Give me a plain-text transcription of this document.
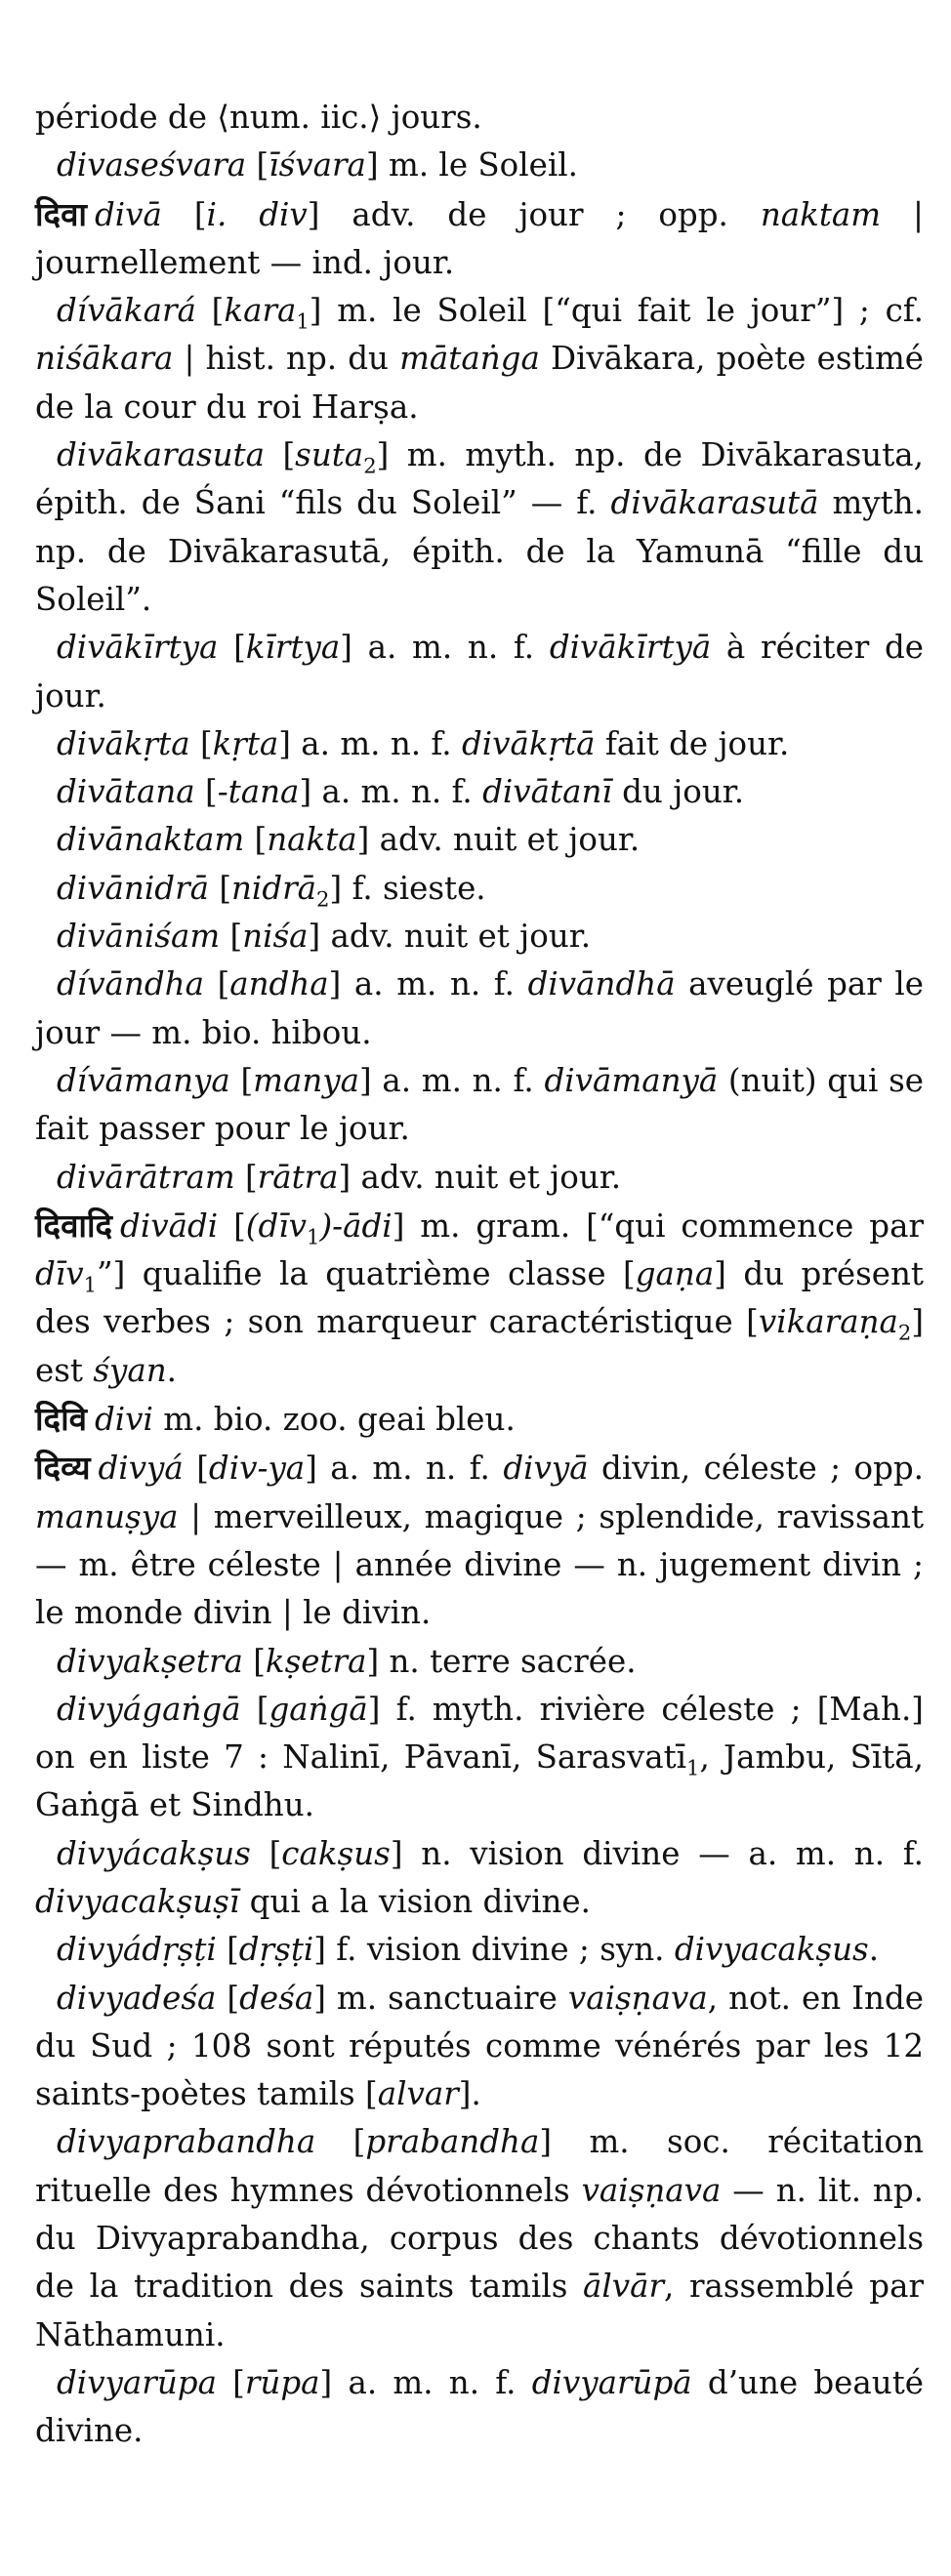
période de ⟨num. iic.⟩ jours.

divaseśvara [īśvara] m. le Soleil.

दिवा divā [i. div] adv. de jour ; opp. naktam | journellement — ind. jour.

dívākará [kara$_1$] m. le Soleil [“qui fait le jour”] ; cf. niśākara | hist. np. du mātaṅga Divākara, poète estimé de la cour du roi Harṣa.

divākarasuta [suta$_2$] m. myth. np. de Divākarasuta, épith. de Śani “fils du Soleil” — f. divākarasutā myth. np. de Divākarasutā, épith. de la Yamunā “fille du Soleil”.

divākīrtya [kīrtya] a. m. n. f. divākīrtyā à réciter de jour.

divākṛta [kṛta] a. m. n. f. divākṛtā fait de jour.

divātana [-tana] a. m. n. f. divātanī du jour.

divānaktam [nakta] adv. nuit et jour.

divānidrā [nidrā$_2$] f. sieste.

divāniśam [niśa] adv. nuit et jour.

dívāndha [andha] a. m. n. f. divāndhā aveuglé par le jour — m. bio. hibou.

dívāmanya [manya] a. m. n. f. divāmanyā (nuit) qui se fait passer pour le jour.

divārātram [rātra] adv. nuit et jour.

दिवादि divādi [(dīv$_1$)-ādi] m. gram. [“qui commence par dīv$_1$”] qualifie la quatrième classe [gaṇa] du présent des verbes ; son marqueur caractéristique [vikaraṇa$_2$] est śyan.

दिवि divi m. bio. zoo. geai bleu.

दिव्य divyá [div-ya] a. m. n. f. divyā divin, céleste ; opp. manuṣya | merveilleux, magique ; splendide, ravissant — m. être céleste | année divine — n. jugement divin ; le monde divin | le divin.

divyakṣetra [kṣetra] n. terre sacrée.

divyágaṅgā [gaṅgā] f. myth. rivière céleste ; [Mah.] on en liste 7 : Nalinī, Pāvanī, Sarasvatī$_1$, Jambu, Sītā, Gaṅgā et Sindhu.

divyácakṣus [cakṣus] n. vision divine — a. m. n. f. divyacakṣuṣī qui a la vision divine.

divyádṛṣṭi [dṛṣṭi] f. vision divine ; syn. divyacakṣus.

divyadeśa [deśa] m. sanctuaire vaiṣṇava, not. en Inde du Sud ; 108 sont réputés comme vénérés par les 12 saints-poètes tamils [alvar].

divyaprabandha [prabandha] m. soc. récitation rituelle des hymnes dévotionnels vaiṣṇava — n. lit. np. du Divyaprabandha, corpus des chants dévotionnels de la tradition des saints tamils ālvār, rassemblé par Nāthamuni.

divyarūpa [rūpa] a. m. n. f. divyarūpā d’une beauté divine.
